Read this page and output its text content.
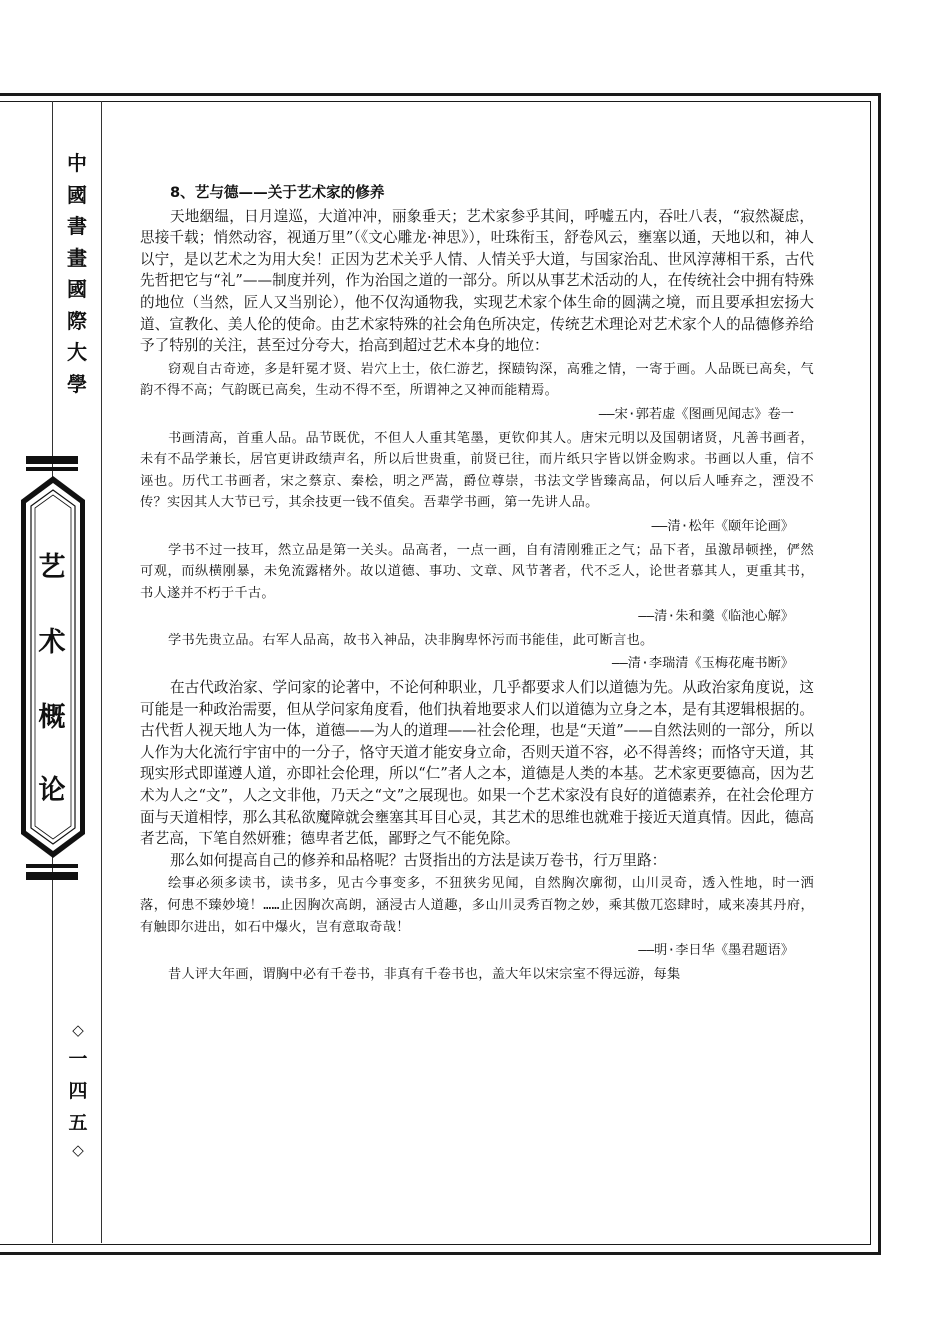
中
國
書
畫
國
際
大
學
艺
术
概
论
◇
一
四
五
◇
8、艺与德——关于艺术家的修养

天地絪缊，日月遑巡，大道冲冲，丽象垂天；艺术家参乎其间，呼嘘五内，吞吐八表，“寂然凝虑，思接千载；悄然动容，视通万里”（《文心雕龙·神思》），吐珠衔玉，舒卷风云，壅塞以通，天地以和，神人以宁，是以艺术之为用大矣！正因为艺术关乎人情、人情关乎大道，与国家治乱、世风淳薄相干系，古代先哲把它与“礼”——制度并列，作为治国之道的一部分。所以从事艺术活动的人，在传统社会中拥有特殊的地位（当然，匠人又当别论），他不仅沟通物我，实现艺术家个体生命的圆满之境，而且要承担宏扬大道、宣教化、美人伦的使命。由艺术家特殊的社会角色所决定，传统艺术理论对艺术家个人的品德修养给予了特别的关注，甚至过分夸大，抬高到超过艺术本身的地位：

窃观自古奇迹，多是轩冕才贤、岩穴上士，依仁游艺，探赜钩深，高雅之情，一寄于画。人品既已高矣，气韵不得不高；气韵既已高矣，生动不得不至，所谓神之又神而能精焉。

——宋·郭若虚《图画见闻志》卷一

书画清高，首重人品。品节既优，不但人人重其笔墨，更钦仰其人。唐宋元明以及国朝诸贤，凡善书画者，未有不品学兼长，居官更讲政绩声名，所以后世贵重，前贤已往，而片纸只字皆以饼金购求。书画以人重，信不诬也。历代工书画者，宋之蔡京、秦桧，明之严嵩，爵位尊崇，书法文学皆臻高品，何以后人唾弃之，湮没不传？实因其人大节已亏，其余技更一钱不值矣。吾辈学书画，第一先讲人品。

——清·松年《颐年论画》

学书不过一技耳，然立品是第一关头。品高者，一点一画，自有清刚雅正之气；品下者，虽激昂顿挫，俨然可观，而纵横刚暴，未免流露楮外。故以道德、事功、文章、风节著者，代不乏人，论世者慕其人，更重其书，书人遂并不朽于千古。

——清·朱和羹《临池心解》

学书先贵立品。右军人品高，故书入神品，决非胸卑怀污而书能佳，此可断言也。

——清·李瑞清《玉梅花庵书断》

在古代政治家、学问家的论著中，不论何种职业，几乎都要求人们以道德为先。从政治家角度说，这可能是一种政治需要，但从学问家角度看，他们执着地要求人们以道德为立身之本，是有其逻辑根据的。古代哲人视天地人为一体，道德——为人的道理——社会伦理，也是“天道”——自然法则的一部分，所以人作为大化流行宇宙中的一分子，恪守天道才能安身立命，否则天道不容，必不得善终；而恪守天道，其现实形式即谨遵人道，亦即社会伦理，所以“仁”者人之本，道德是人类的本基。艺术家更要德高，因为艺术为人之“文”，人之文非他，乃天之“文”之展现也。如果一个艺术家没有良好的道德素养，在社会伦理方面与天道相悖，那么其私欲魔障就会壅塞其耳目心灵，其艺术的思维也就难于接近天道真情。因此，德高者艺高，下笔自然妍雅；德卑者艺低，鄙野之气不能免除。

那么如何提高自己的修养和品格呢？古贤指出的方法是读万卷书，行万里路：

绘事必须多读书，读书多，见古今事变多，不狃狭劣见闻，自然胸次廓彻，山川灵奇，透入性地，时一洒落，何患不臻妙境！……止因胸次高朗，涵浸古人道趣，多山川灵秀百物之妙，乘其傲兀恣肆时，咸来凑其丹府，有触即尔进出，如石中爆火，岂有意取奇哉！

——明·李日华《墨君题语》

昔人评大年画，谓胸中必有千卷书，非真有千卷书也，盖大年以宋宗室不得远游，每集
